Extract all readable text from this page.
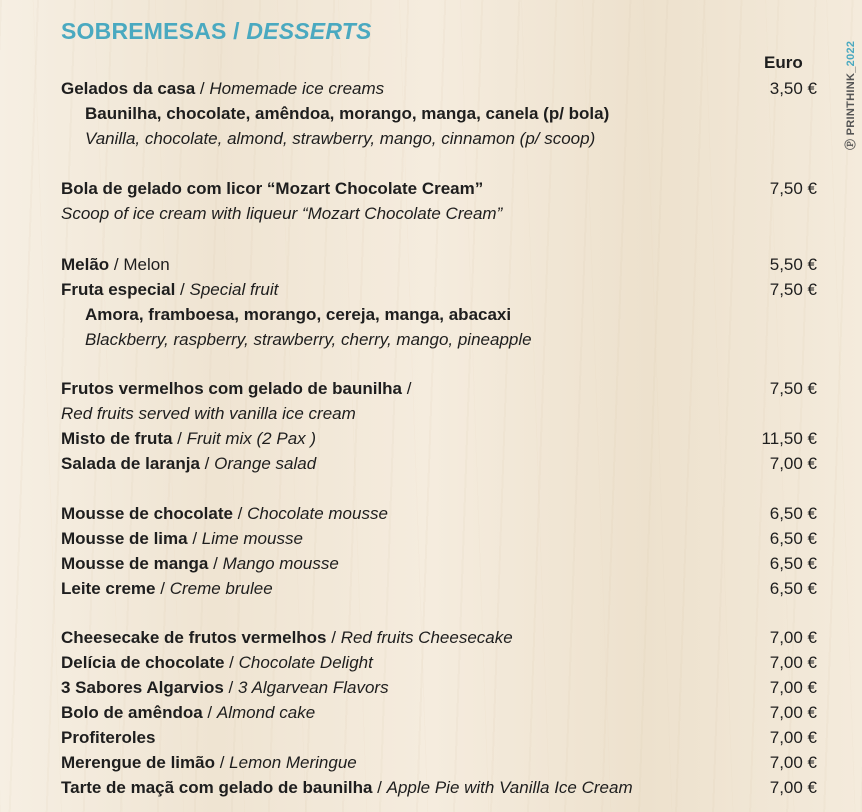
SOBREMESAS / DESSERTS
Euro
Ⓟ PRINTHINK_2022
Gelados da casa / Homemade ice creams	3,50 €
Baunilha, chocolate, amêndoa, morango, manga, canela (p/ bola)
Vanilla, chocolate, almond, strawberry, mango, cinnamon (p/ scoop)
Bola de gelado com licor “Mozart Chocolate Cream”	7,50 €
Scoop of ice cream with liqueur “Mozart Chocolate Cream”
Melão / Melon	5,50 €
Fruta especial / Special fruit	7,50 €
Amora, framboesa, morango, cereja, manga, abacaxi
Blackberry, raspberry, strawberry, cherry, mango, pineapple
Frutos vermelhos com gelado de baunilha /	7,50 €
Red fruits served with vanilla ice cream
Misto de fruta / Fruit mix (2 Pax )	11,50 €
Salada de laranja / Orange salad	7,00 €
Mousse de chocolate / Chocolate mousse	6,50 €
Mousse de lima / Lime mousse	6,50 €
Mousse de manga / Mango mousse	6,50 €
Leite creme / Creme brulee	6,50 €
Cheesecake de frutos vermelhos / Red fruits Cheesecake	7,00 €
Delícia de chocolate / Chocolate Delight	7,00 €
3 Sabores Algarvios / 3 Algarvean Flavors	7,00 €
Bolo de amêndoa / Almond cake	7,00 €
Profiteroles	7,00 €
Merengue de limão / Lemon Meringue	7,00 €
Tarte de maçã com gelado de baunilha / Apple Pie with Vanilla Ice Cream	7,00 €
